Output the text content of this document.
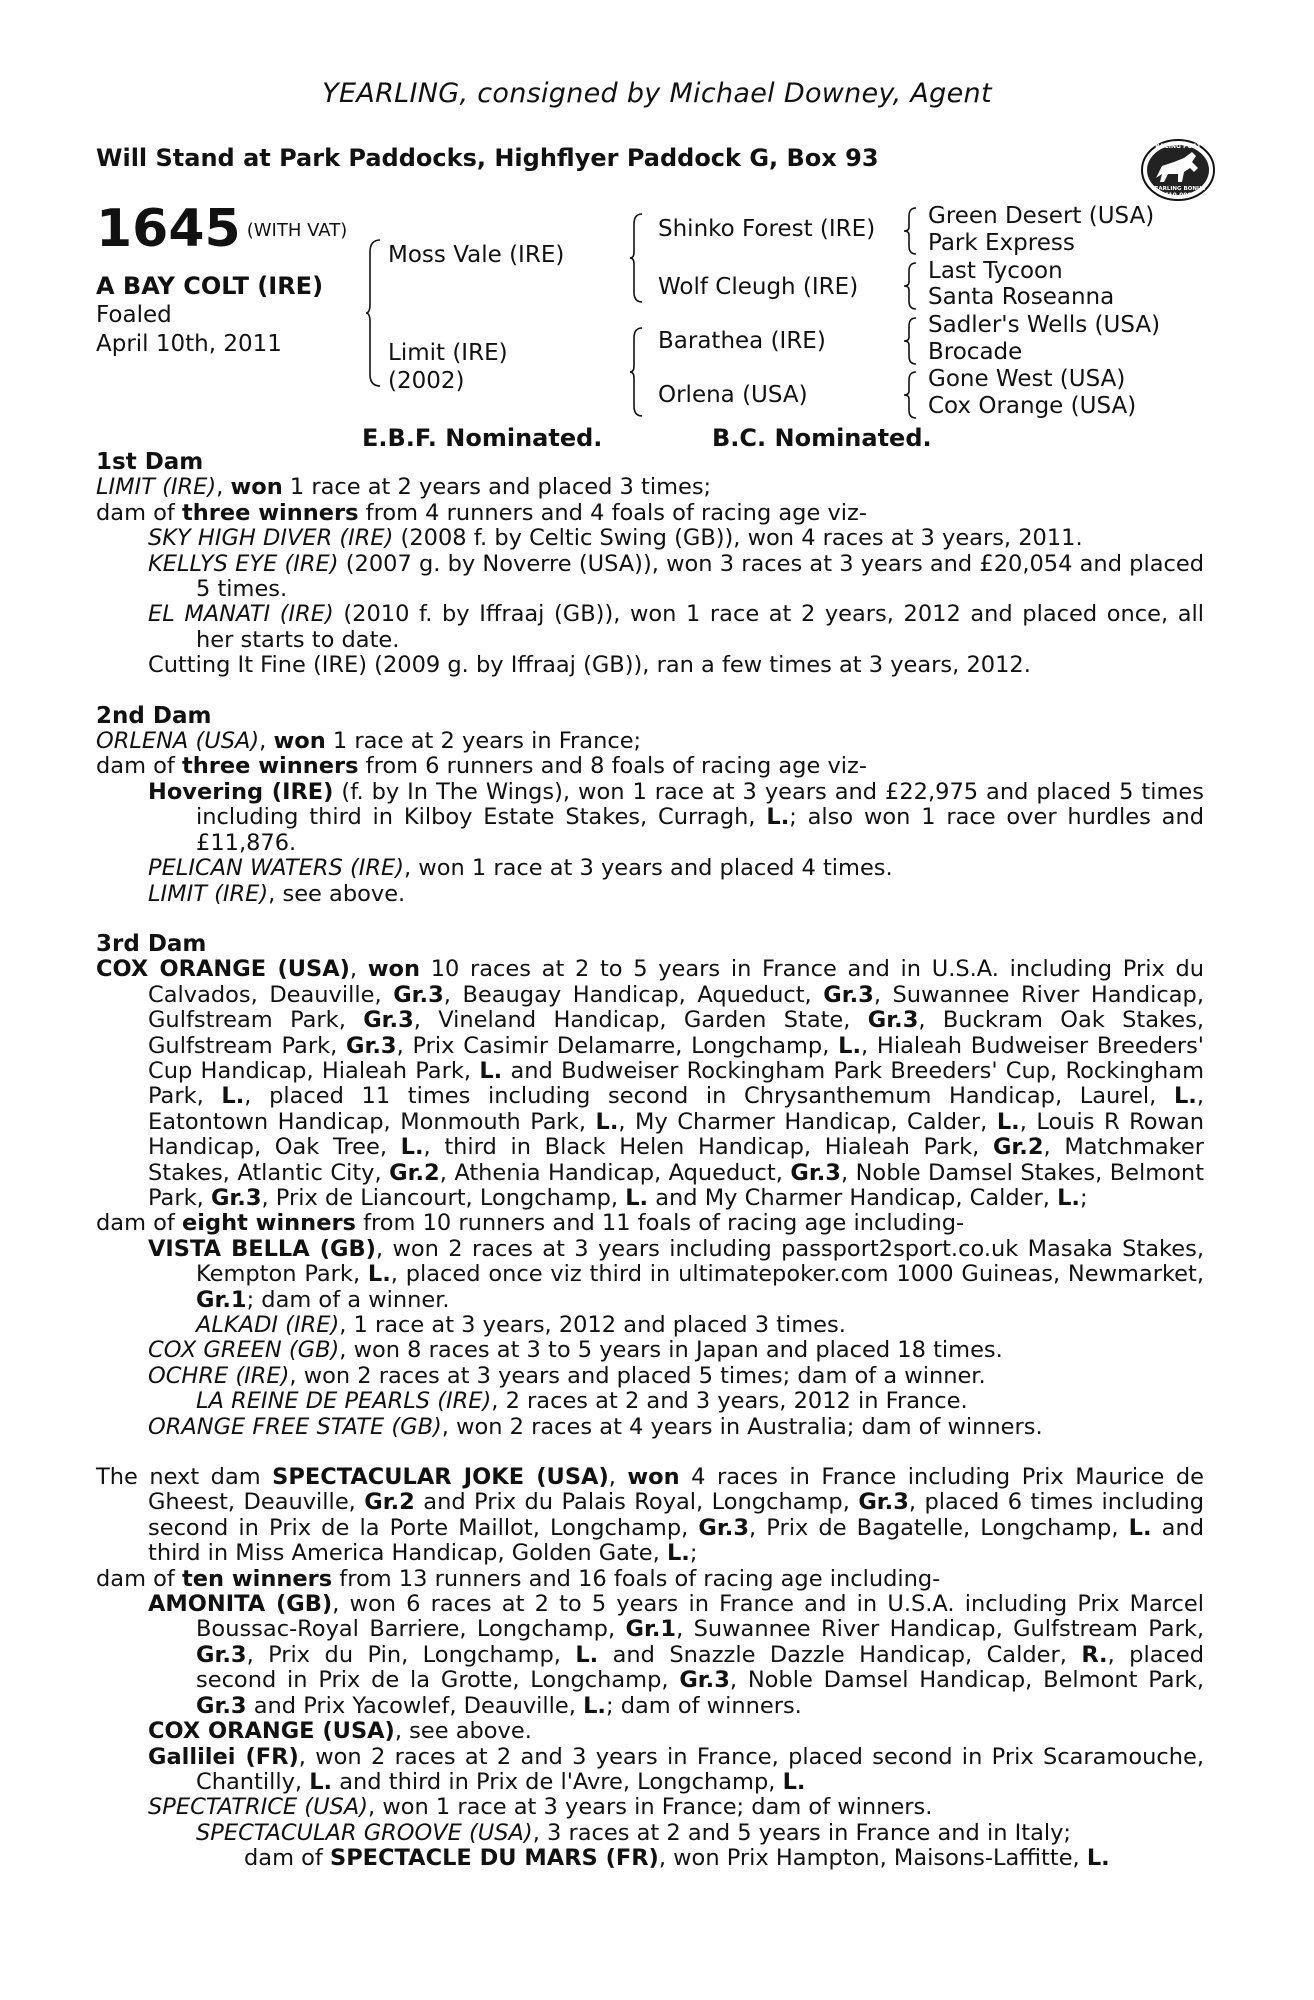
YEARLING, consigned by Michael Downey, Agent
Will Stand at Park Paddocks, Highflyer Paddock G, Box 93	RACING POST
YEARLING BONUS
£10,000
1645 (WITH VAT)
A BAY COLT (IRE)
Foaled
April 10th, 2011
Moss Vale (IRE)
Limit (IRE)
(2002)
Shinko Forest (IRE)
Wolf Cleugh (IRE)
Barathea (IRE)
Orlena (USA)
Green Desert (USA)
Park Express
Last Tycoon
Santa Roseanna
Sadler's Wells (USA)
Brocade
Gone West (USA)
Cox Orange (USA)
E.B.F. Nominated.	B.C. Nominated.
1st Dam

LIMIT (IRE), won 1 race at 2 years and placed 3 times;

dam of three winners from 4 runners and 4 foals of racing age viz-

SKY HIGH DIVER (IRE) (2008 f. by Celtic Swing (GB)), won 4 races at 3 years, 2011.

KELLYS EYE (IRE) (2007 g. by Noverre (USA)), won 3 races at 3 years and £20,054 and placed 5 times.

EL MANATI (IRE) (2010 f. by Iffraaj (GB)), won 1 race at 2 years, 2012 and placed once, all her starts to date.

Cutting It Fine (IRE) (2009 g. by Iffraaj (GB)), ran a few times at 3 years, 2012.

2nd Dam

ORLENA (USA), won 1 race at 2 years in France;

dam of three winners from 6 runners and 8 foals of racing age viz-

Hovering (IRE) (f. by In The Wings), won 1 race at 3 years and £22,975 and placed 5 times including third in Kilboy Estate Stakes, Curragh, L.; also won 1 race over hurdles and £11,876.

PELICAN WATERS (IRE), won 1 race at 3 years and placed 4 times.

LIMIT (IRE), see above.

3rd Dam

COX ORANGE (USA), won 10 races at 2 to 5 years in France and in U.S.A. including Prix du Calvados, Deauville, Gr.3, Beaugay Handicap, Aqueduct, Gr.3, Suwannee River Handicap, Gulfstream Park, Gr.3, Vineland Handicap, Garden State, Gr.3, Buckram Oak Stakes, Gulfstream Park, Gr.3, Prix Casimir Delamarre, Longchamp, L., Hialeah Budweiser Breeders' Cup Handicap, Hialeah Park, L. and Budweiser Rockingham Park Breeders' Cup, Rockingham Park, L., placed 11 times including second in Chrysanthemum Handicap, Laurel, L., Eatontown Handicap, Monmouth Park, L., My Charmer Handicap, Calder, L., Louis R Rowan Handicap, Oak Tree, L., third in Black Helen Handicap, Hialeah Park, Gr.2, Matchmaker Stakes, Atlantic City, Gr.2, Athenia Handicap, Aqueduct, Gr.3, Noble Damsel Stakes, Belmont Park, Gr.3, Prix de Liancourt, Longchamp, L. and My Charmer Handicap, Calder, L.;

dam of eight winners from 10 runners and 11 foals of racing age including-

VISTA BELLA (GB), won 2 races at 3 years including passport2sport.co.uk Masaka Stakes, Kempton Park, L., placed once viz third in ultimatepoker.com 1000 Guineas, Newmarket, Gr.1; dam of a winner.

ALKADI (IRE), 1 race at 3 years, 2012 and placed 3 times.

COX GREEN (GB), won 8 races at 3 to 5 years in Japan and placed 18 times.

OCHRE (IRE), won 2 races at 3 years and placed 5 times; dam of a winner.

LA REINE DE PEARLS (IRE), 2 races at 2 and 3 years, 2012 in France.

ORANGE FREE STATE (GB), won 2 races at 4 years in Australia; dam of winners.

The next dam SPECTACULAR JOKE (USA), won 4 races in France including Prix Maurice de Gheest, Deauville, Gr.2 and Prix du Palais Royal, Longchamp, Gr.3, placed 6 times including second in Prix de la Porte Maillot, Longchamp, Gr.3, Prix de Bagatelle, Longchamp, L. and third in Miss America Handicap, Golden Gate, L.;

dam of ten winners from 13 runners and 16 foals of racing age including-

AMONITA (GB), won 6 races at 2 to 5 years in France and in U.S.A. including Prix Marcel Boussac-Royal Barriere, Longchamp, Gr.1, Suwannee River Handicap, Gulfstream Park, Gr.3, Prix du Pin, Longchamp, L. and Snazzle Dazzle Handicap, Calder, R., placed second in Prix de la Grotte, Longchamp, Gr.3, Noble Damsel Handicap, Belmont Park, Gr.3 and Prix Yacowlef, Deauville, L.; dam of winners.

COX ORANGE (USA), see above.

Gallilei (FR), won 2 races at 2 and 3 years in France, placed second in Prix Scaramouche, Chantilly, L. and third in Prix de l'Avre, Longchamp, L.

SPECTATRICE (USA), won 1 race at 3 years in France; dam of winners.

SPECTACULAR GROOVE (USA), 3 races at 2 and 5 years in France and in Italy;

dam of SPECTACLE DU MARS (FR), won Prix Hampton, Maisons-Laffitte, L.
